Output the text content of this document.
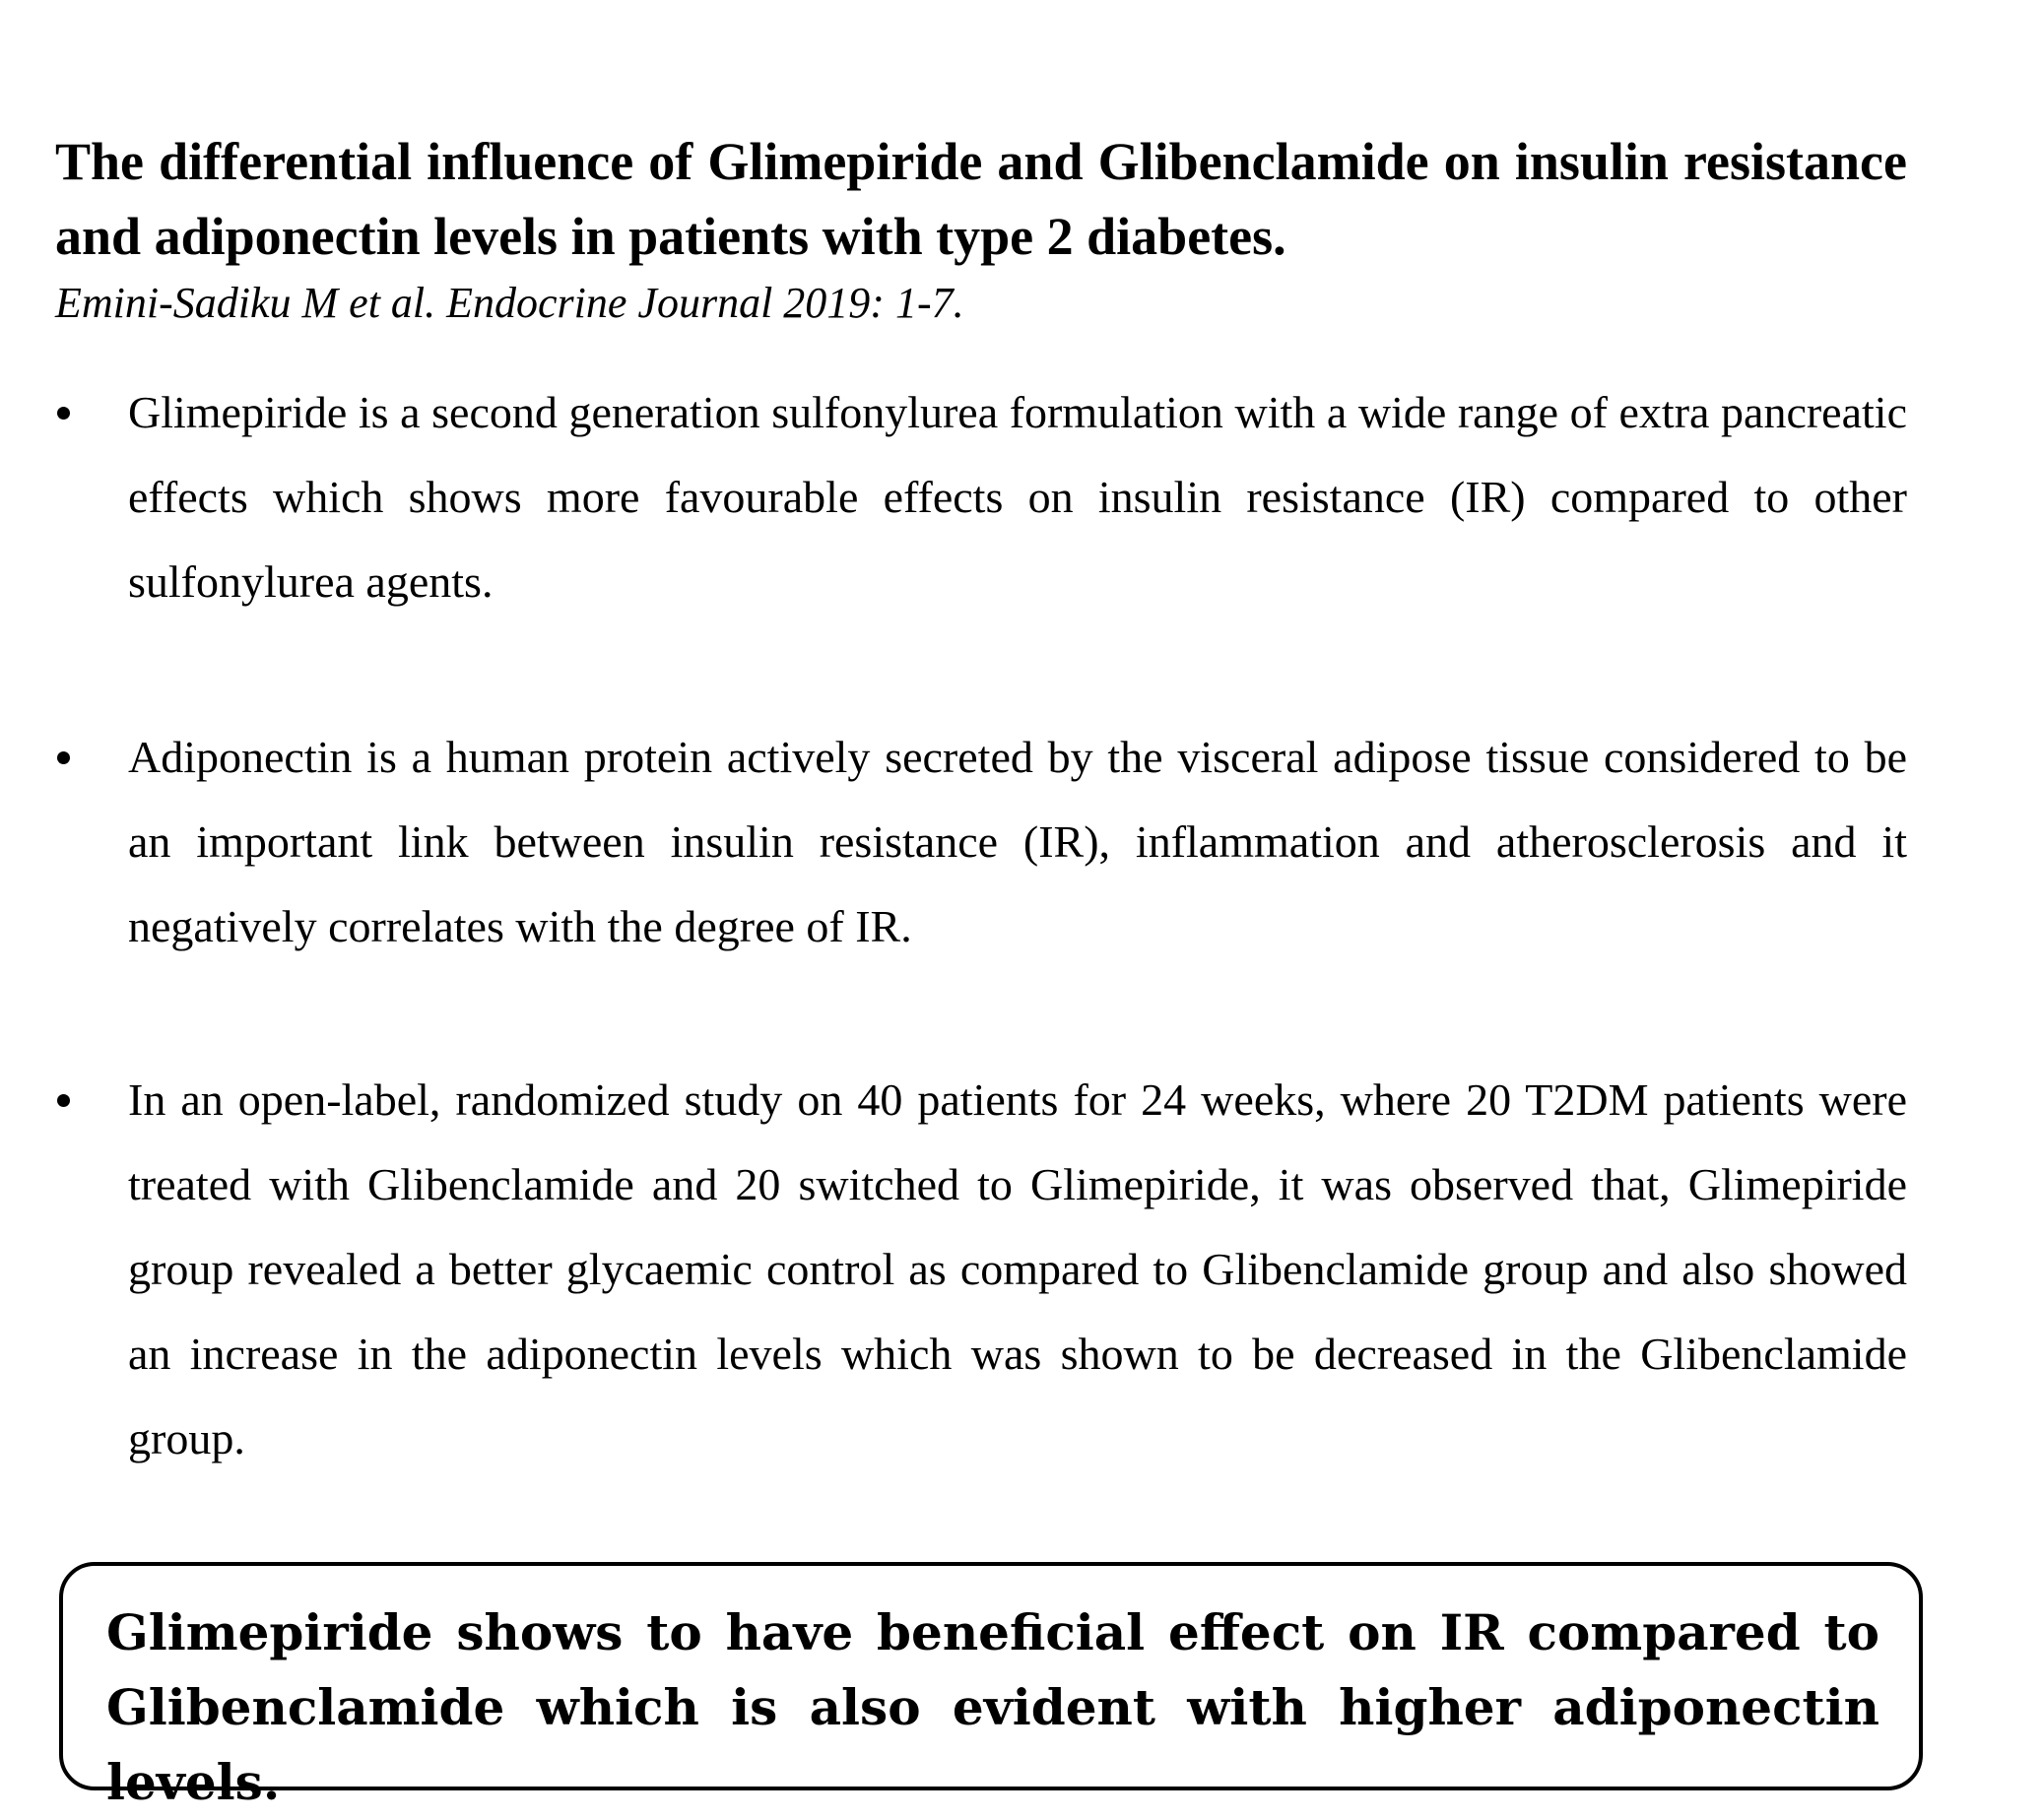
The differential influence of Glimepiride and Glibenclamide on insulin resistance and adiponectin levels in patients with type 2 diabetes.

Emini-Sadiku M et al. Endocrine Journal 2019: 1-7.

Glimepiride is a second generation sulfonylurea formulation with a wide range of extra pancreatic effects which shows more favourable effects on insulin resistance (IR) compared to other sulfonylurea agents.
Adiponectin is a human protein actively secreted by the visceral adipose tissue considered to be an important link between insulin resistance (IR), inflammation and atherosclerosis and it negatively correlates with the degree of IR.
In an open-label, randomized study on 40 patients for 24 weeks, where 20 T2DM patients were treated with Glibenclamide and 20 switched to Glimepiride, it was observed that, Glimepiride group revealed a better glycaemic control as compared to Glibenclamide group and also showed an increase in the adiponectin levels which was shown to be decreased in the Glibenclamide group.

Glimepiride shows to have beneficial effect on IR compared to Glibenclamide which is also evident with higher adiponectin levels.
